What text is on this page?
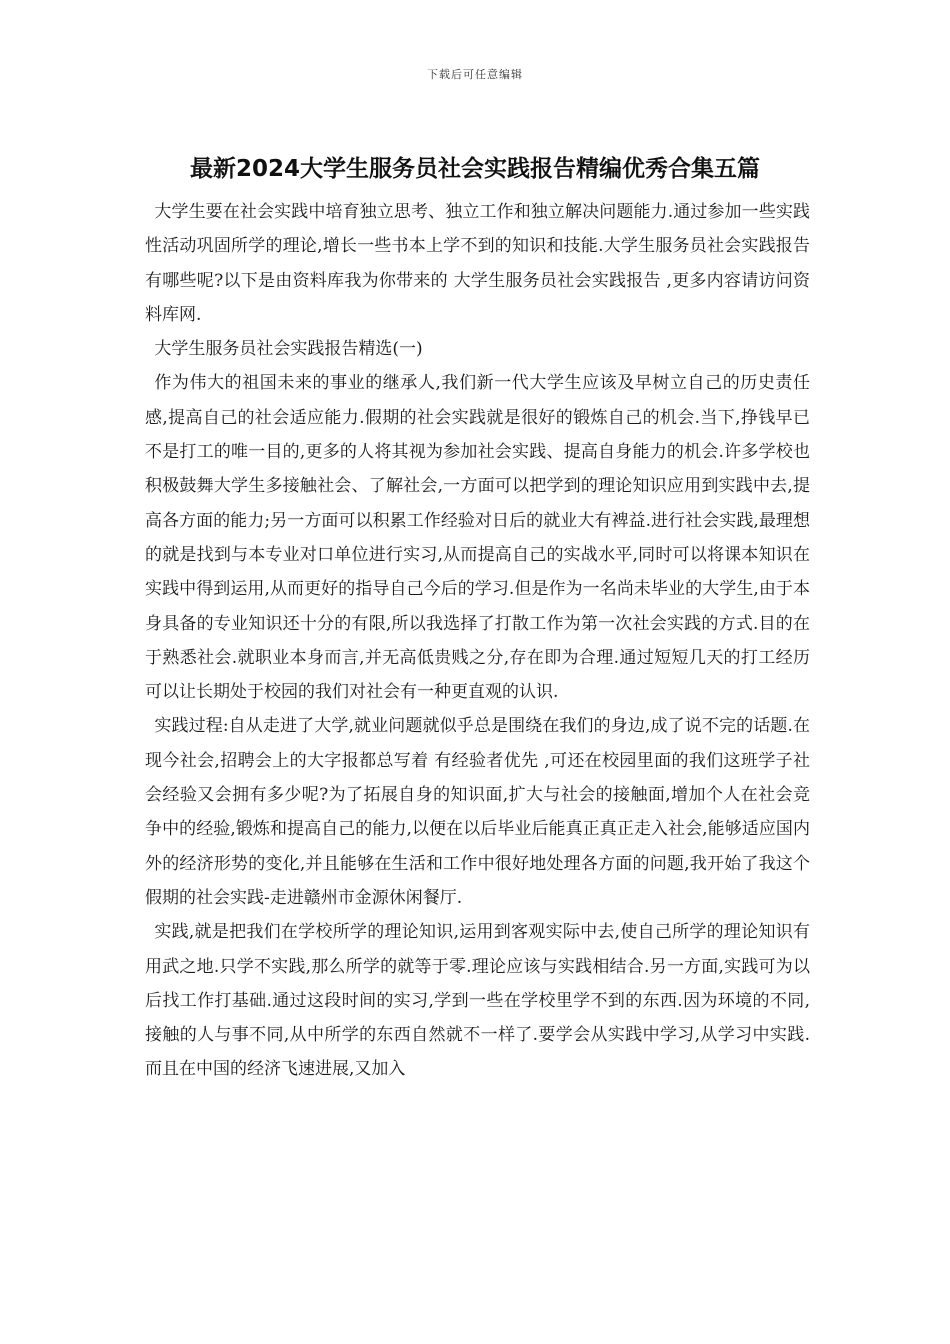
下载后可任意编辑
最新2024大学生服务员社会实践报告精编优秀合集五篇

大学生要在社会实践中培育独立思考、独立工作和独立解决问题能力.通过参加一些实践性活动巩固所学的理论,增长一些书本上学不到的知识和技能.大学生服务员社会实践报告有哪些呢?以下是由资料库我为你带来的 大学生服务员社会实践报告 ,更多内容请访问资料库网.

大学生服务员社会实践报告精选(一)

作为伟大的祖国未来的事业的继承人,我们新一代大学生应该及早树立自己的历史责任感,提高自己的社会适应能力.假期的社会实践就是很好的锻炼自己的机会.当下,挣钱早已不是打工的唯一目的,更多的人将其视为参加社会实践、提高自身能力的机会.许多学校也积极鼓舞大学生多接触社会、了解社会,一方面可以把学到的理论知识应用到实践中去,提高各方面的能力;另一方面可以积累工作经验对日后的就业大有裨益.进行社会实践,最理想的就是找到与本专业对口单位进行实习,从而提高自己的实战水平,同时可以将课本知识在实践中得到运用,从而更好的指导自己今后的学习.但是作为一名尚未毕业的大学生,由于本身具备的专业知识还十分的有限,所以我选择了打散工作为第一次社会实践的方式.目的在于熟悉社会.就职业本身而言,并无高低贵贱之分,存在即为合理.通过短短几天的打工经历可以让长期处于校园的我们对社会有一种更直观的认识.

实践过程:自从走进了大学,就业问题就似乎总是围绕在我们的身边,成了说不完的话题.在现今社会,招聘会上的大字报都总写着 有经验者优先 ,可还在校园里面的我们这班学子社会经验又会拥有多少呢?为了拓展自身的知识面,扩大与社会的接触面,增加个人在社会竞争中的经验,锻炼和提高自己的能力,以便在以后毕业后能真正真正走入社会,能够适应国内外的经济形势的变化,并且能够在生活和工作中很好地处理各方面的问题,我开始了我这个假期的社会实践-走进赣州市金源休闲餐厅.

实践,就是把我们在学校所学的理论知识,运用到客观实际中去,使自己所学的理论知识有用武之地.只学不实践,那么所学的就等于零.理论应该与实践相结合.另一方面,实践可为以后找工作打基础.通过这段时间的实习,学到一些在学校里学不到的东西.因为环境的不同,接触的人与事不同,从中所学的东西自然就不一样了.要学会从实践中学习,从学习中实践.而且在中国的经济飞速进展,又加入
